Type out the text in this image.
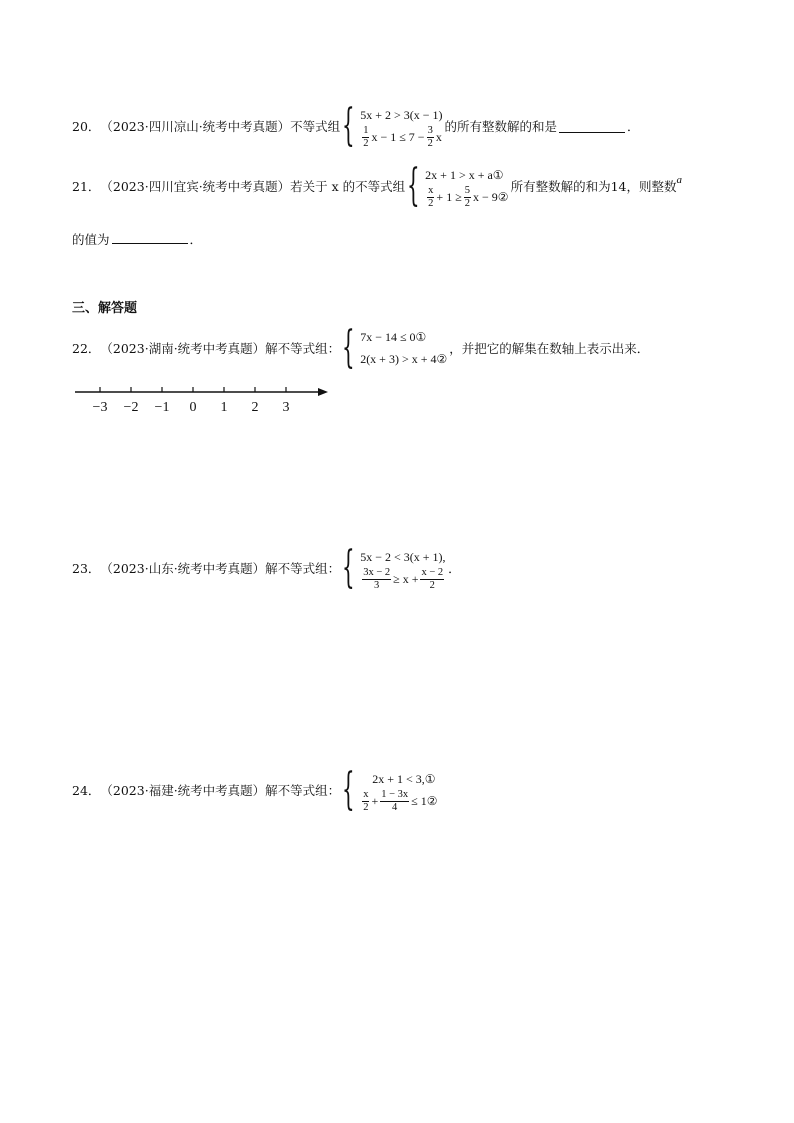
20． （2023·四川凉山·统考中考真题） 不等式组 { 5x + 2 > 3(x − 1)
$\frac{1}{2}$ $x - 1 \le 7 - \frac{3}{2}$ x
的所有整数解的和是	．
21． （2023·四川宜宾·统考中考真题） 若关于 x 的不等式组 { 2x + 1 > x + a①
$\frac{x}{2} + 1 \ge \frac{5}{2}$ x − 9②
所有整数解的和为14，则整数 a
的值为	．
三、解答题
22． （2023·湖南·统考中考真题） 解不等式组： { 7x − 14 ≤ 0①
2(x + 3) > x + 4②
，并把它的解集在数轴上表示出来．
−3 −2 −1 0 1 2 3
23． （2023·山东·统考中考真题） 解不等式组： { 5x − 2 < 3(x + 1),
$\frac{3x - 2}{3} \ge x + \frac{x - 2}{2}$ ．
24． （2023·福建·统考中考真题） 解不等式组： {	2x + 1 < 3,①
$\frac{x}{2} + \frac{1 - 3x}{4}$ ≤ 1②
